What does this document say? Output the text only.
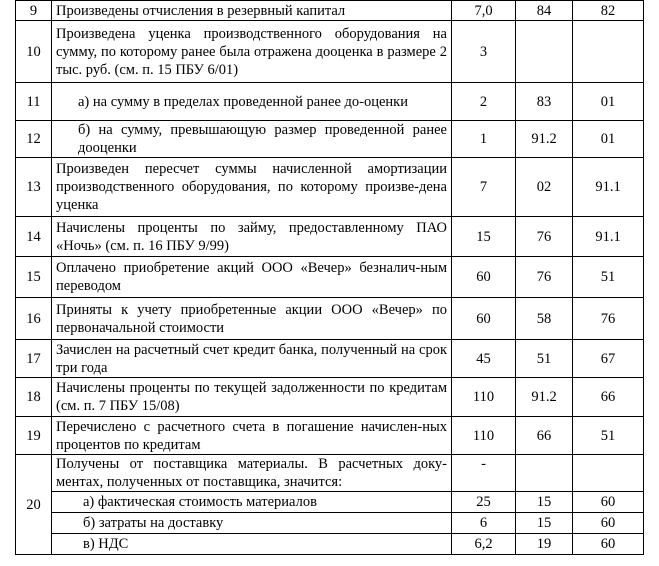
9	Произведены отчисления в резервный капитал	7,0	84	82
10	Произведена уценка производственного оборудования на сумму, по которому ранее была отражена дооценка в размере 2 тыс. руб. (см. п. 15 ПБУ 6/01)	3		
11	а) на сумму в пределах проведенной ранее до-оценки	2	83	01
12	б) на сумму, превышающую размер проведенной ранее дооценки	1	91.2	01
13	Произведен пересчет суммы начисленной амортизации производственного оборудования, по которому произве-дена уценка	7	02	91.1
14	Начислены проценты по займу, предоставленному ПАО «Ночь» (см. п. 16 ПБУ 9/99)	15	76	91.1
15	Оплачено приобретение акций ООО «Вечер» безналич-ным переводом	60	76	51
16	Приняты к учету приобретенные акции ООО «Вечер» по первоначальной стоимости	60	58	76
17	Зачислен на расчетный счет кредит банка, полученный на срок три года	45	51	67
18	Начислены проценты по текущей задолженности по кредитам (см. п. 7 ПБУ 15/08)	110	91.2	66
19	Перечислено с расчетного счета в погашение начислен-ных процентов по кредитам	110	66	51
20	Получены от поставщика материалы. В расчетных доку-ментах, полученных от поставщика, значится:	-		
	а) фактическая стоимость материалов	25	15	60
	б) затраты на доставку	6	15	60
	в) НДС	6,2	19	60
